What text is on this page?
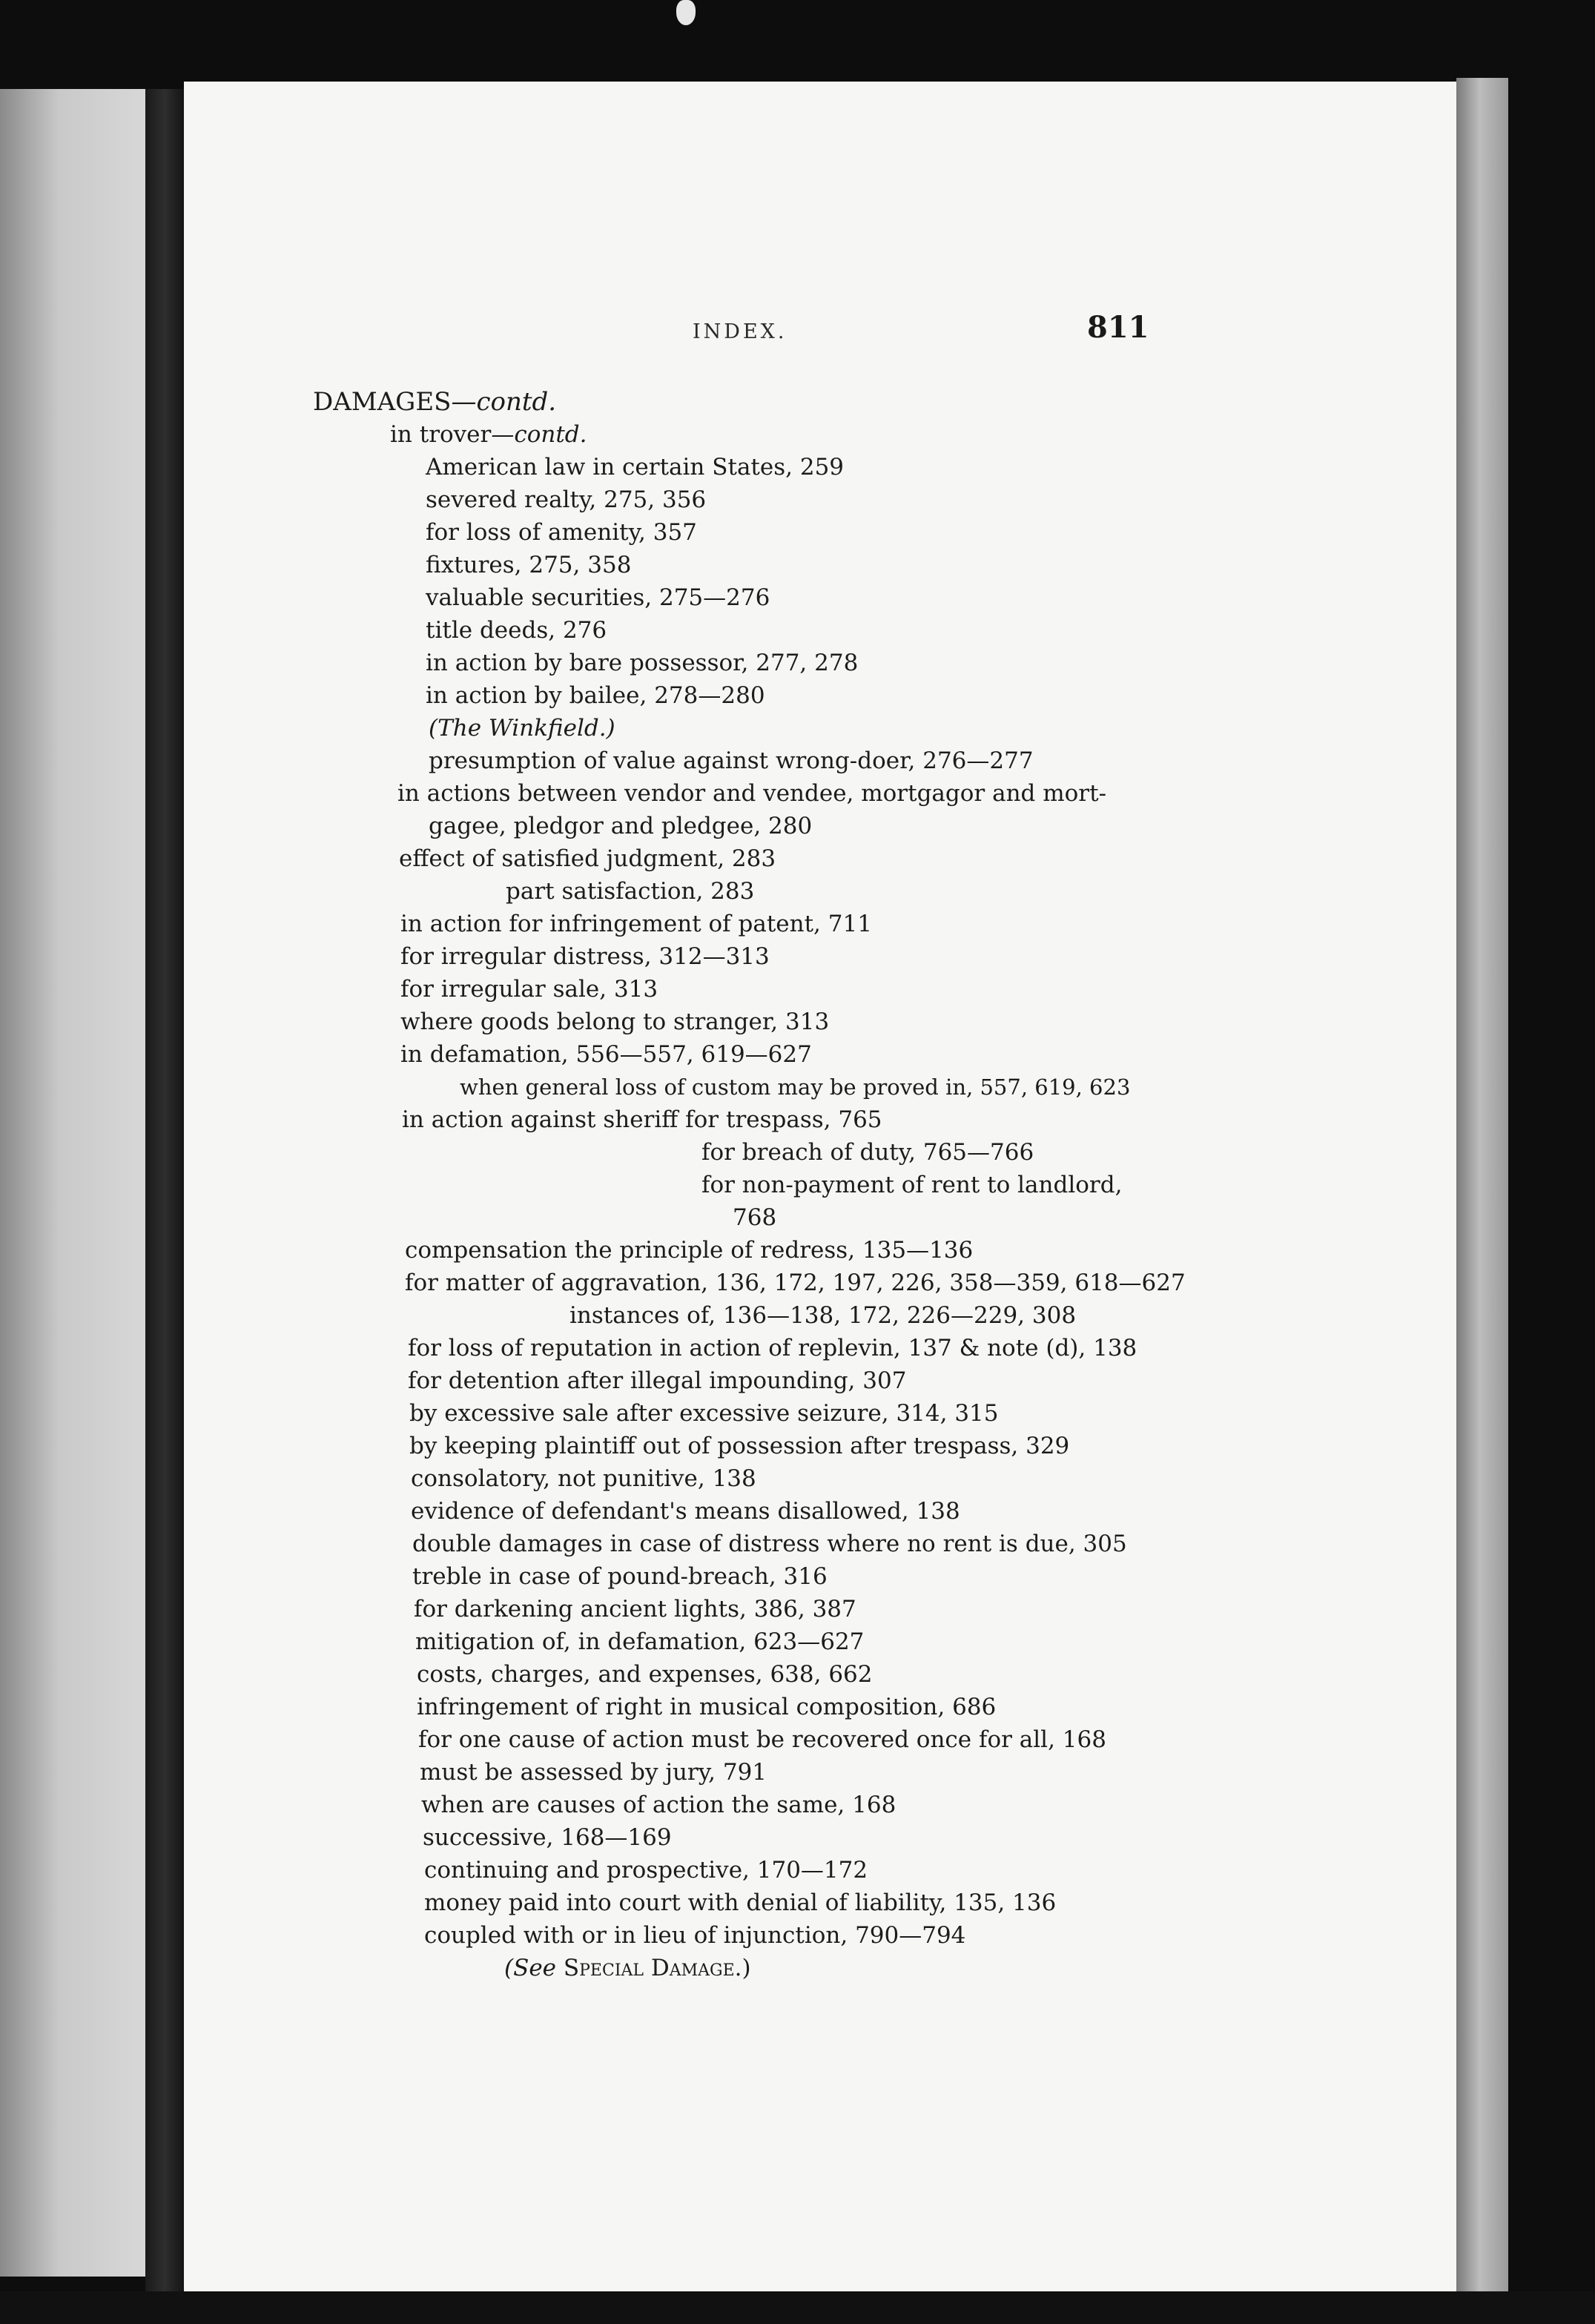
INDEX.	811
DAMAGES—contd.
in trover—contd.
American law in certain States, 259
severed realty, 275, 356
for loss of amenity, 357
fixtures, 275, 358
valuable securities, 275—276
title deeds, 276
in action by bare possessor, 277, 278
in action by bailee, 278—280
(The Winkfield.)
presumption of value against wrong-doer, 276—277
in actions between vendor and vendee, mortgagor and mort-
gagee, pledgor and pledgee, 280
effect of satisfied judgment, 283
part satisfaction, 283
in action for infringement of patent, 711
for irregular distress, 312—313
for irregular sale, 313
where goods belong to stranger, 313
in defamation, 556—557, 619—627
when general loss of custom may be proved in, 557, 619, 623
in action against sheriff for trespass, 765
for breach of duty, 765—766
for non-payment of rent to landlord,
768
compensation the principle of redress, 135—136
for matter of aggravation, 136, 172, 197, 226, 358—359, 618—627
instances of, 136—138, 172, 226—229, 308
for loss of reputation in action of replevin, 137 & note (d), 138
for detention after illegal impounding, 307
by excessive sale after excessive seizure, 314, 315
by keeping plaintiff out of possession after trespass, 329
consolatory, not punitive, 138
evidence of defendant's means disallowed, 138
double damages in case of distress where no rent is due, 305
treble in case of pound-breach, 316
for darkening ancient lights, 386, 387
mitigation of, in defamation, 623—627
costs, charges, and expenses, 638, 662
infringement of right in musical composition, 686
for one cause of action must be recovered once for all, 168
must be assessed by jury, 791
when are causes of action the same, 168
successive, 168—169
continuing and prospective, 170—172
money paid into court with denial of liability, 135, 136
coupled with or in lieu of injunction, 790—794
(See Special Damage.)
